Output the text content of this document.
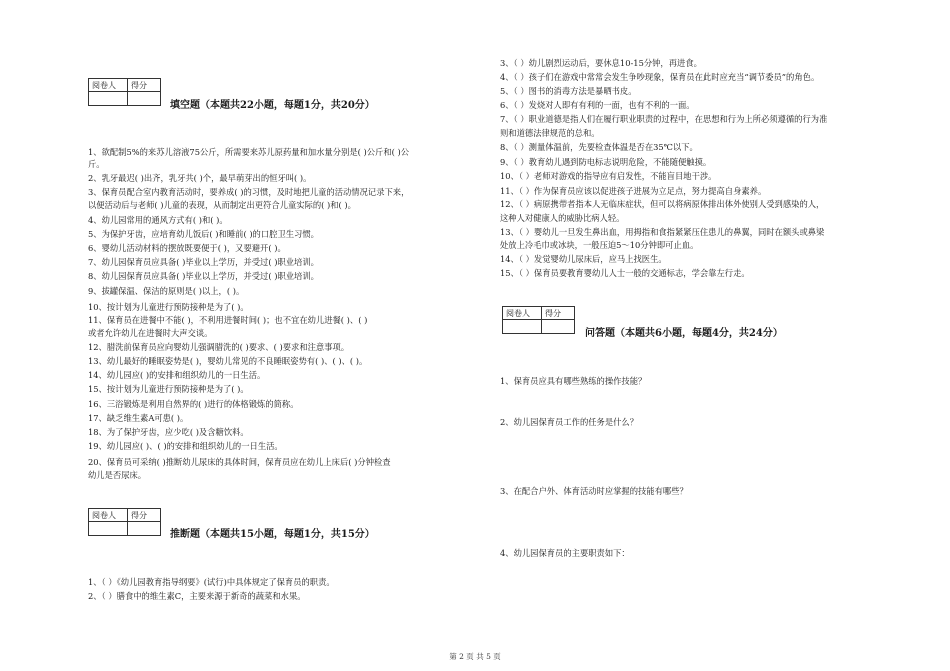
阅卷人	得分

填空题（本题共22小题，每题1分，共20分）
1、欲配制5%的来苏儿溶液75公斤，所需要来苏儿原药量和加水量分别是( )公斤和( )公
斤。
2、乳牙最迟( )出齐，乳牙共( )个，最早萌芽出的恒牙叫( )。
3、保育员配合室内教育活动时，要养成( )的习惯，及时地把儿童的活动情况记录下来，
以便活动后与老师( )儿童的表现，从而制定出更符合儿童实际的( )和( )。
4、幼儿园常用的通风方式有( )和( )。
5、为保护牙齿，应培育幼儿饭后( )和睡前( )的口腔卫生习惯。
6、婴幼儿活动材料的摆放既要便于( )，又要避开( )。
7、幼儿园保育员应具备( )毕业以上学历，并受过( )职业培训。
8、幼儿园保育员应具备( )毕业以上学历，并受过( )职业培训。
9、拔罐保温、保洁的原则是( )以上，( )。
10、按计划为儿童进行预防接种是为了( )。
11、保育员在进餐中不能( )，不利用进餐时间( )；也不宜在幼儿进餐( )、( )
或者允许幼儿在进餐时大声交谈。
12、腊洗前保育员应向婴幼儿强调腊洗的( )要求、( )要求和注意事项。
13、幼儿最好的睡眠姿势是( )，婴幼儿常见的不良睡眠姿势有( )、( )、( )。
14、幼儿园应( )的安排和组织幼儿的一日生活。
15、按计划为儿童进行预防接种是为了( )。
16、三浴锻炼是利用自然界的( )进行的体格锻炼的简称。
17、缺乏维生素A可患( )。
18、为了保护牙齿，应少吃( )及含糖饮料。
19、幼儿园应( )、( )的安排和组织幼儿的一日生活。
20、保育员可采纳( )推断幼儿尿床的具体时间，保育员应在幼儿上床后( )分钟检查
幼儿是否尿床。
阅卷人	得分

推断题（本题共15小题，每题1分，共15分）
1、（ ）《幼儿园教育指导纲要》(试行)中具体规定了保育员的职责。
2、（ ）膳食中的维生素C，主要来源于新奇的蔬菜和水果。
3、（ ）幼儿剧烈运动后，要休息10-15分钟，再进食。
4、（ ）孩子们在游戏中常常会发生争吵现象，保育员在此时应充当“调节委员”的角色。
5、（ ）图书的消毒方法是暴晒书皮。
6、（ ）发烧对人即有有利的一面，也有不利的一面。
7、（ ）职业道德是指人们在履行职业职责的过程中，在思想和行为上所必须遵循的行为准
则和道德法律规范的总和。
8、（ ）测量体温前，先要检查体温是否在35℃以下。
9、（ ）教育幼儿遇到防电标志说明危险，不能随便触摸。
10、（ ）老师对游戏的指导应有启发性，不能盲目地干涉。
11、（ ）作为保育员应该以促进孩子进展为立足点，努力提高自身素养。
12、（ ）病原携带者指本人无临床症状，但可以将病原体排出体外使别人受到感染的人，
这种人对健康人的威胁比病人轻。
13、（ ）婴幼儿一旦发生鼻出血，用拇指和食指紧紧压住患儿的鼻翼，同时在额头或鼻梁
处放上冷毛巾或冰块，一般压迫5～10分钟即可止血。
14、（ ）发觉婴幼儿尿床后，应马上找医生。
15、（ ）保育员要教育婴幼儿人士一般的交通标志，学会靠左行走。
阅卷人	得分

问答题（本题共6小题，每题4分，共24分）
1、保育员应具有哪些熟练的操作技能？
2、幼儿园保育员工作的任务是什么？
3、在配合户外、体育活动时应掌握的技能有哪些？
4、幼儿园保育员的主要职责如下：
第 2 页 共 5 页
